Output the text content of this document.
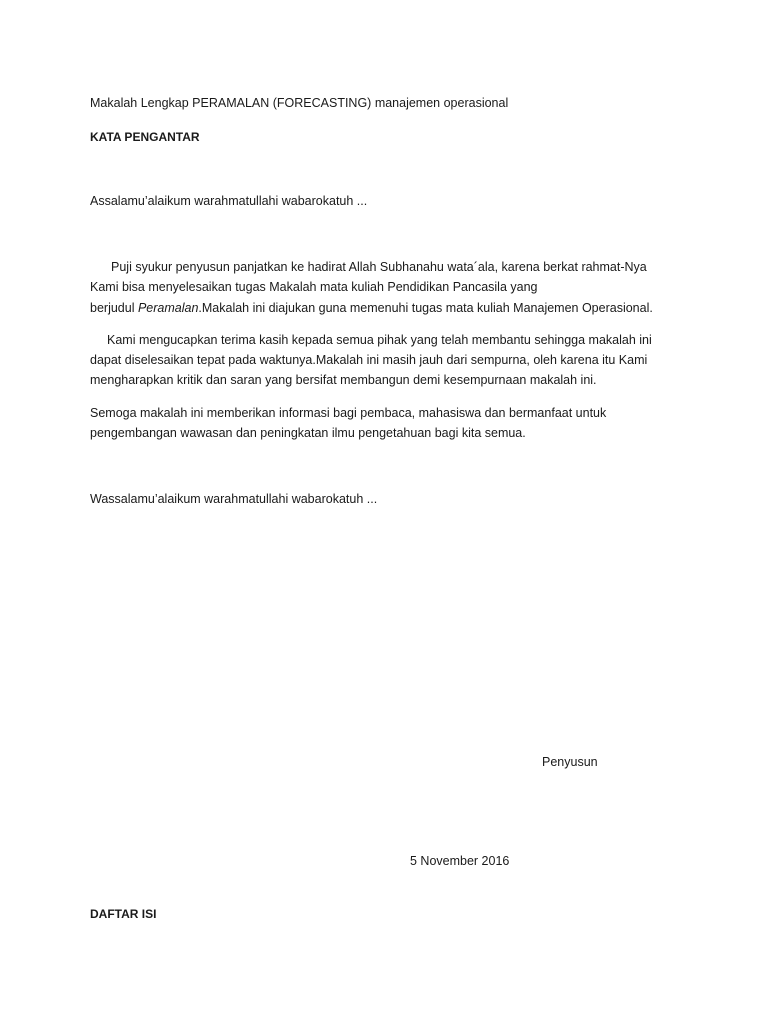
Makalah Lengkap PERAMALAN (FORECASTING) manajemen operasional
KATA PENGANTAR
Assalamu’alaikum warahmatullahi wabarokatuh ...
Puji syukur penyusun panjatkan ke hadirat Allah Subhanahu wata´ala, karena berkat rahmat-Nya
Kami bisa menyelesaikan tugas Makalah mata kuliah Pendidikan Pancasila yang
berjudul Peramalan.Makalah ini diajukan guna memenuhi tugas mata kuliah Manajemen Operasional.
Kami mengucapkan terima kasih kepada semua pihak yang telah membantu sehingga makalah ini
dapat diselesaikan tepat pada waktunya.Makalah ini masih jauh dari sempurna, oleh karena itu Kami
mengharapkan kritik dan saran yang bersifat membangun demi kesempurnaan makalah ini.
Semoga makalah ini memberikan informasi bagi pembaca, mahasiswa dan bermanfaat untuk
pengembangan wawasan dan peningkatan ilmu pengetahuan bagi kita semua.
Wassalamu’alaikum warahmatullahi wabarokatuh ...
Penyusun
5 November 2016
DAFTAR ISI
